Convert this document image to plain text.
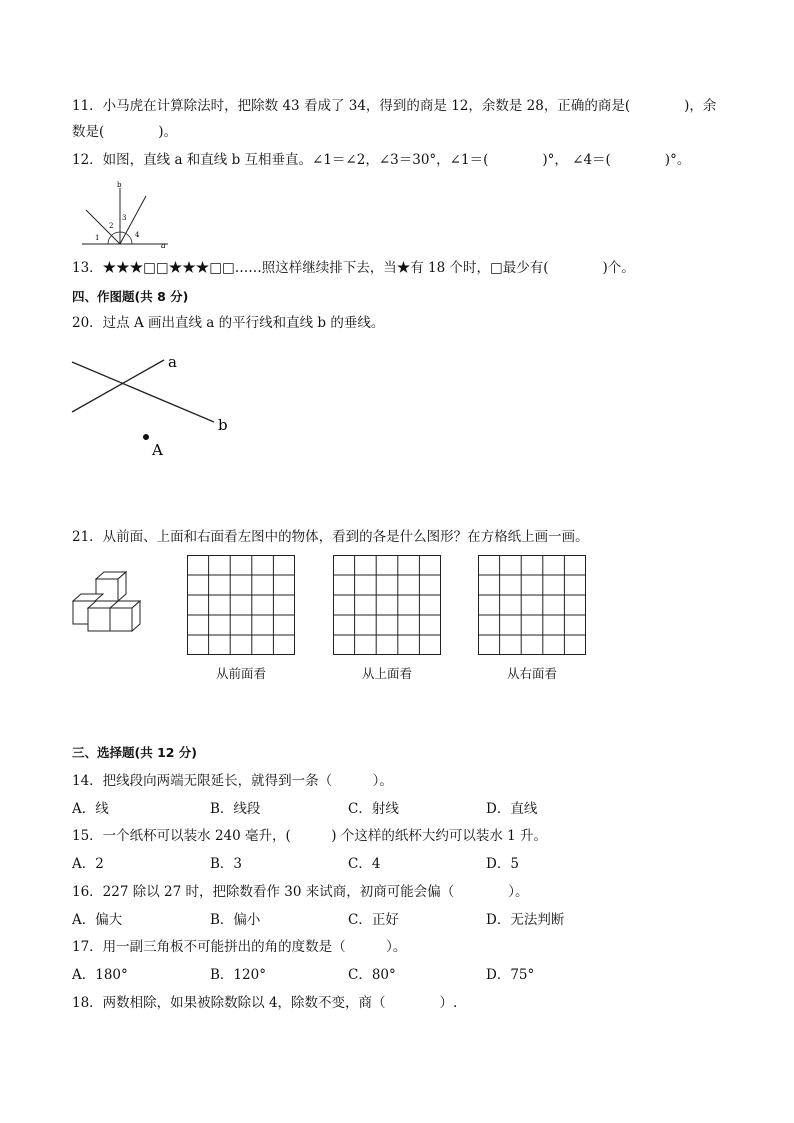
11．小马虎在计算除法时，把除数 43 看成了 34，得到的商是 12，余数是 28，正确的商是(　　　　)，余
数是(　　　　)。
12．如图，直线 a 和直线 b 互相垂直。∠1＝∠2，∠3＝30°，∠1＝(　　　　)°， ∠4＝(　　　　)°。
b
a
1
2
3
4
13．★★★□□★★★□□……照这样继续排下去，当★有 18 个时，□最少有(　　　　)个。
四、作图题(共 8 分)
20．过点 A 画出直线 a 的平行线和直线 b 的垂线。
a
b
A
21．从前面、上面和右面看左图中的物体，看到的各是什么图形？在方格纸上画一画。
从前面看	从上面看	从右面看
三、选择题(共 12 分)
14．把线段向两端无限延长，就得到一条（　　　）。
A．线	B．线段	C．射线	D．直线
15．一个纸杯可以装水 240 毫升，(　　　) 个这样的纸杯大约可以装水 1 升。
A．2	B．3	C．4	D．5
16．227 除以 27 时，把除数看作 30 来试商，初商可能会偏（　　　　）。
A．偏大	B．偏小	C．正好	D．无法判断
17．用一副三角板不可能拼出的角的度数是（　　　）。
A．180°	B．120°	C．80°	D．75°
18．两数相除，如果被除数除以 4，除数不变，商（　　　　）.
